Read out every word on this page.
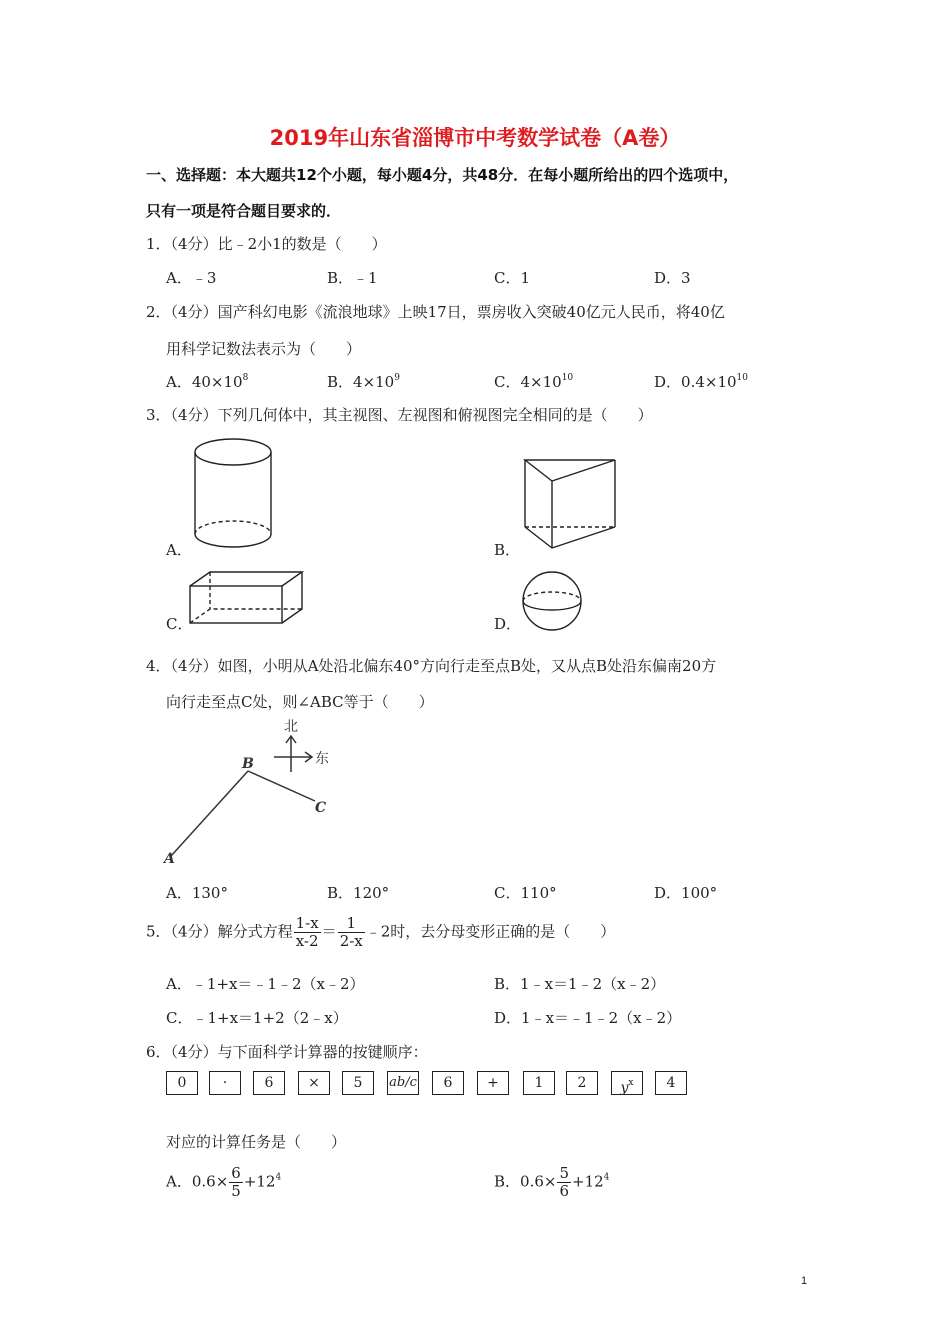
2019年山东省淄博市中考数学试卷（A卷）
一、选择题：本大题共12个小题，每小题4分，共48分．在每小题所给出的四个选项中，
只有一项是符合题目要求的．
1．（4分）比﹣2小1的数是（　　）
A．﹣3	B．﹣1	C．1	D．3
2．（4分）国产科幻电影《流浪地球》上映17日，票房收入突破40亿元人民币，将40亿
用科学记数法表示为（　　）
A．$40\times 10^8$	B．$4\times 10^9$	C．$4\times 10^{10}$	D．$0.4\times 10^{10}$
3．（4分）下列几何体中，其主视图、左视图和俯视图完全相同的是（　　）
A．	B．
C．	D．
4．（4分）如图，小明从A处沿北偏东40°方向行走至点B处，又从点B处沿东偏南20方
向行走至点C处，则∠ABC等于（　　）
北
东
B
C
A
A．130°	B．120°	C．110°	D．100°
5．（4分）解分式方程 $\frac{1-x}{x-2} = \frac{1}{2-x}$ ﹣2时，去分母变形正确的是（　　）
A．﹣1+x＝﹣1﹣2（x﹣2）	B．1﹣x＝1﹣2（x﹣2）
C．﹣1+x＝1+2（2﹣x）	D．1﹣x＝﹣1﹣2（x﹣2）
6．（4分）与下面科学计算器的按键顺序：
0	·	6	×	5	ab/c	6	+	1	2	$y^x$	4
对应的计算任务是（　　）
A．$0.6\times \frac{6}{5} +12^4$	B．$0.6\times \frac{5}{6} +12^4$
1
